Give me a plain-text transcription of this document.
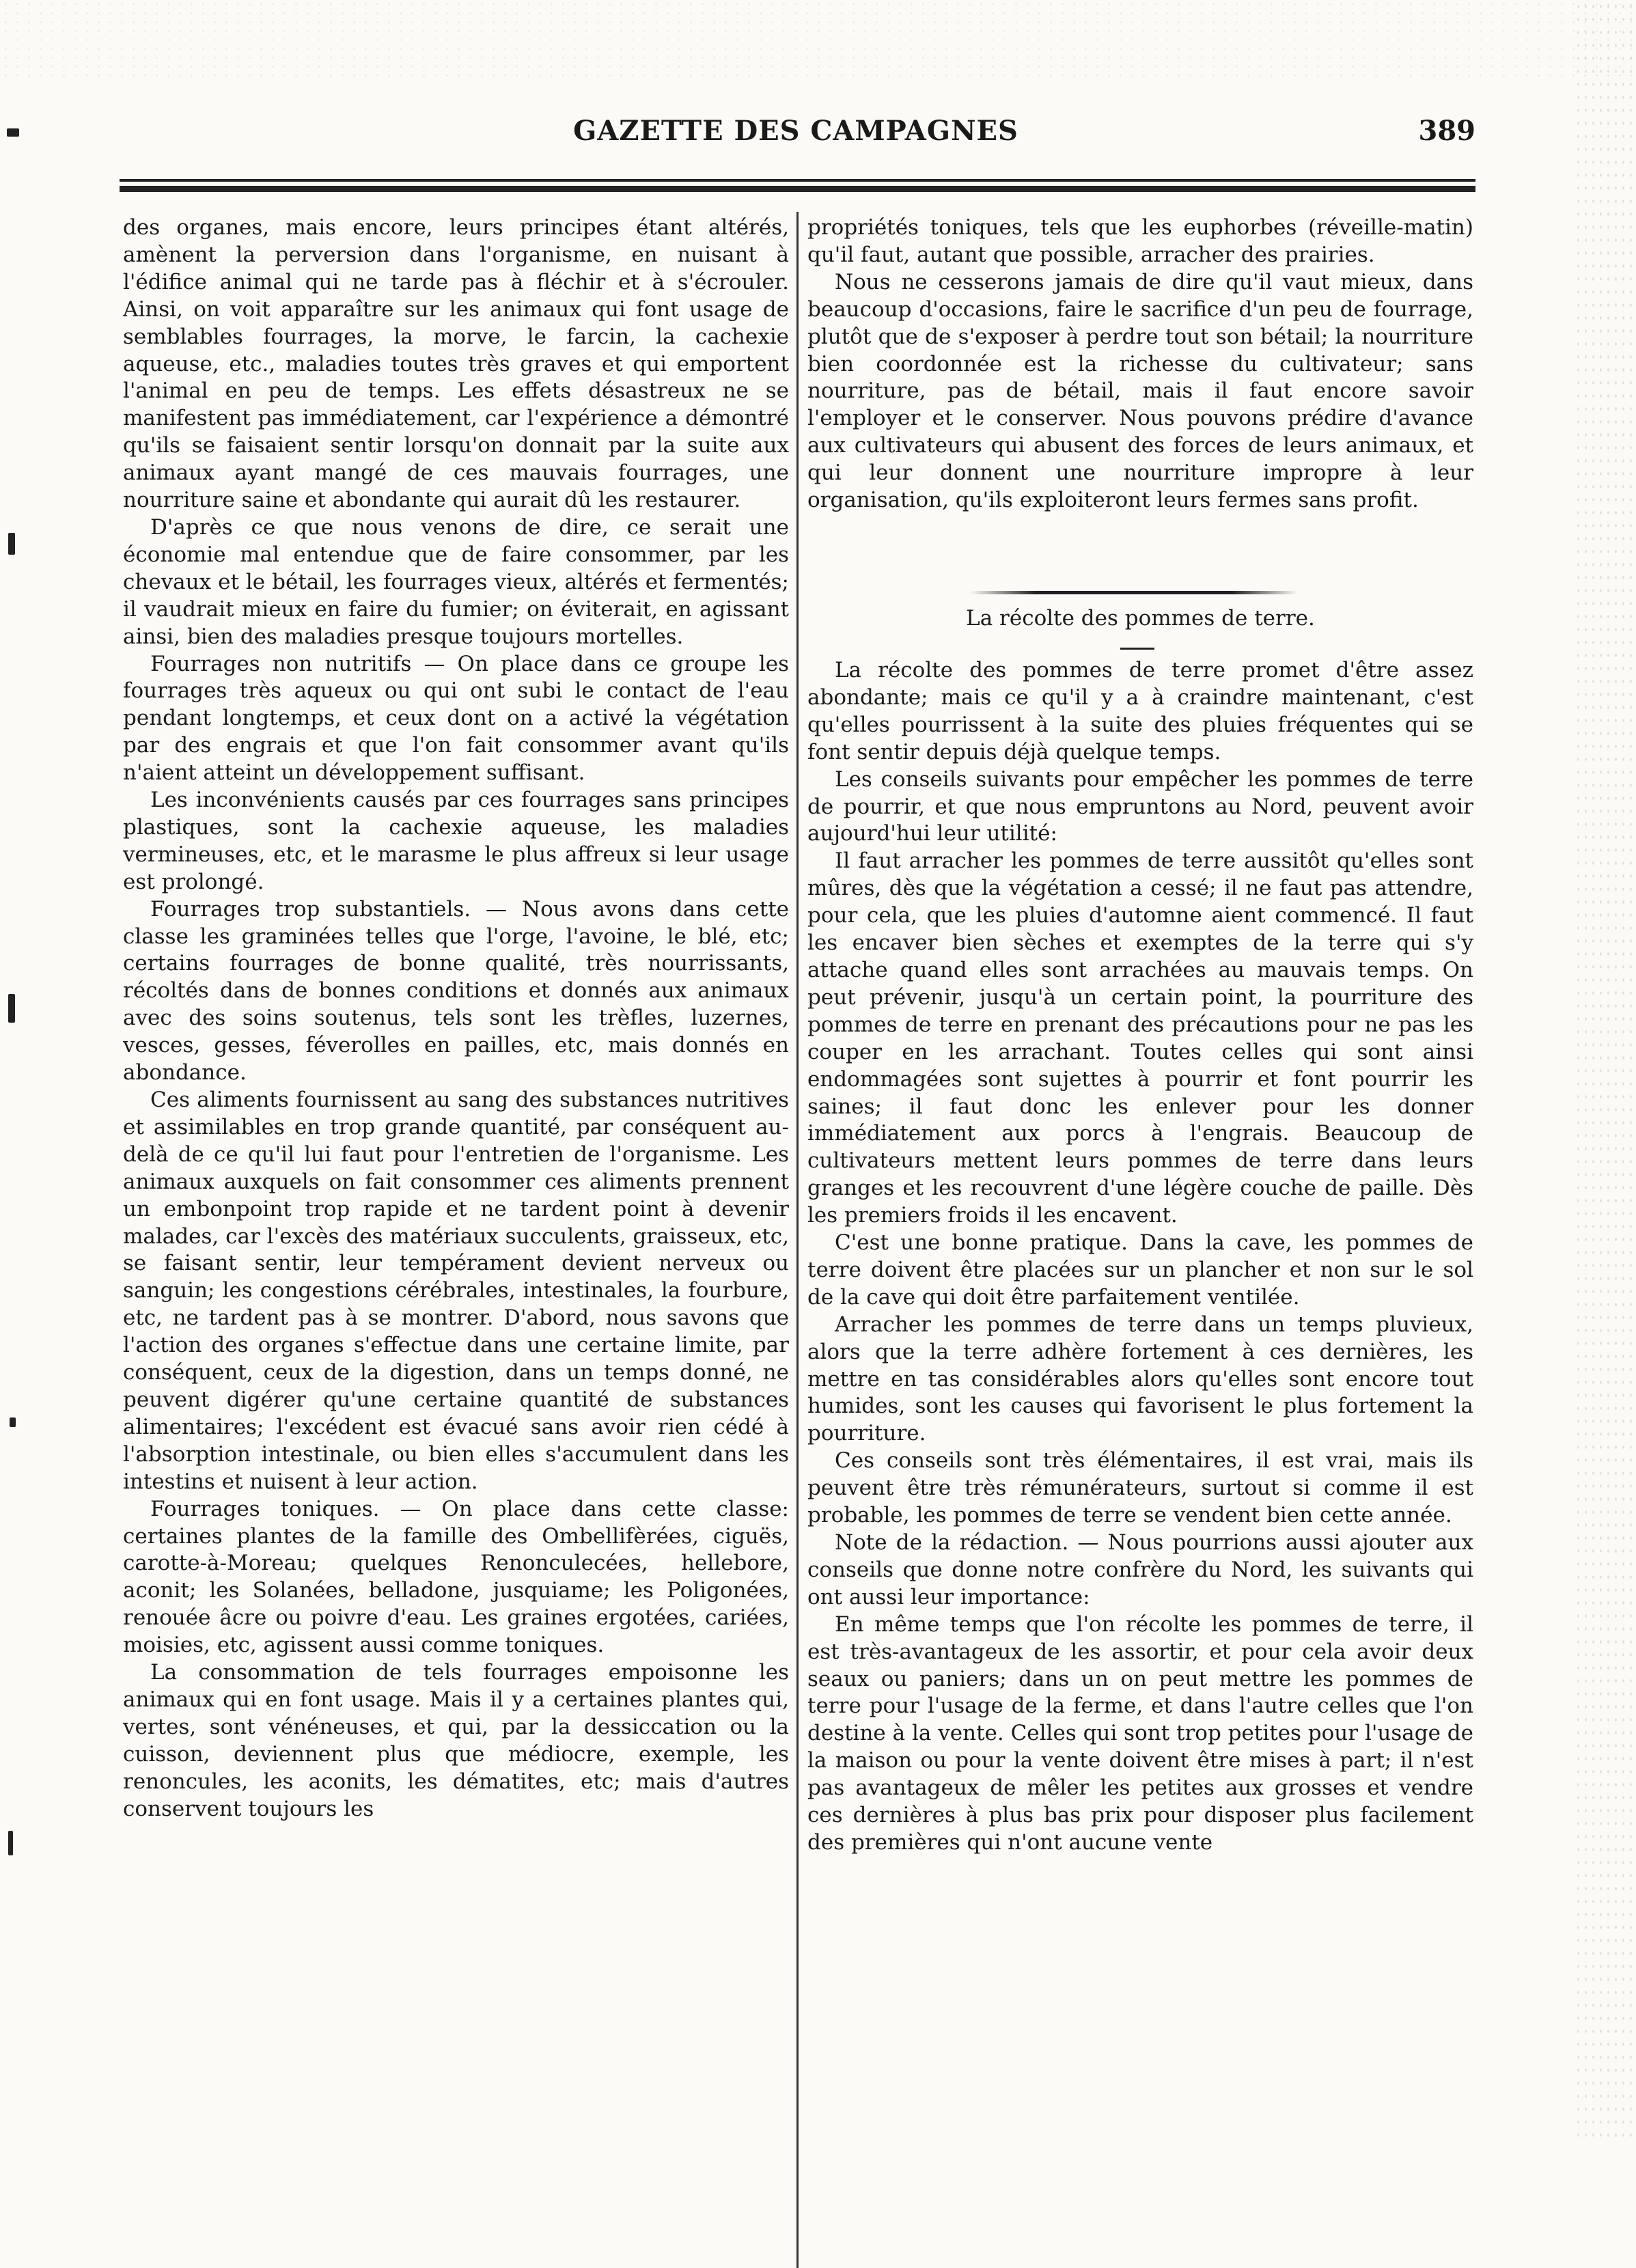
GAZETTE DES CAMPAGNES	389

des organes, mais encore, leurs principes étant altérés, amènent la perversion dans l'organisme, en nuisant à l'édifice animal qui ne tarde pas à fléchir et à s'écrouler. Ainsi, on voit apparaître sur les animaux qui font usage de semblables fourrages, la morve, le farcin, la cachexie aqueuse, etc., maladies toutes très graves et qui emportent l'animal en peu de temps. Les effets désastreux ne se manifestent pas immédiatement, car l'expérience a démontré qu'ils se faisaient sentir lorsqu'on donnait par la suite aux animaux ayant mangé de ces mauvais fourrages, une nourriture saine et abondante qui aurait dû les restaurer.

D'après ce que nous venons de dire, ce serait une économie mal entendue que de faire consommer, par les chevaux et le bétail, les fourrages vieux, altérés et fermentés; il vaudrait mieux en faire du fumier; on éviterait, en agissant ainsi, bien des maladies presque toujours mortelles.

Fourrages non nutritifs — On place dans ce groupe les fourrages très aqueux ou qui ont subi le contact de l'eau pendant longtemps, et ceux dont on a activé la végétation par des engrais et que l'on fait consommer avant qu'ils n'aient atteint un développement suffisant.

Les inconvénients causés par ces fourrages sans principes plastiques, sont la cachexie aqueuse, les maladies vermineuses, etc, et le marasme le plus affreux si leur usage est prolongé.

Fourrages trop substantiels. — Nous avons dans cette classe les graminées telles que l'orge, l'avoine, le blé, etc; certains fourrages de bonne qualité, très nourrissants, récoltés dans de bonnes conditions et donnés aux animaux avec des soins soutenus, tels sont les trèfles, luzernes, vesces, gesses, féverolles en pailles, etc, mais donnés en abondance.

Ces aliments fournissent au sang des substances nutritives et assimilables en trop grande quantité, par conséquent au-delà de ce qu'il lui faut pour l'entretien de l'organisme. Les animaux auxquels on fait consommer ces aliments prennent un embonpoint trop rapide et ne tardent point à devenir malades, car l'excès des matériaux succulents, graisseux, etc, se faisant sentir, leur tempérament devient nerveux ou sanguin; les congestions cérébrales, intestinales, la fourbure, etc, ne tardent pas à se montrer. D'abord, nous savons que l'action des organes s'effectue dans une certaine limite, par conséquent, ceux de la digestion, dans un temps donné, ne peuvent digérer qu'une certaine quantité de substances alimentaires; l'excédent est évacué sans avoir rien cédé à l'absorption intestinale, ou bien elles s'accumulent dans les intestins et nuisent à leur action.

Fourrages toniques. — On place dans cette classe: certaines plantes de la famille des Ombellifèrées, ciguës, carotte-à-Moreau; quelques Renonculecées, hellebore, aconit; les Solanées, belladone, jusquiame; les Poligonées, renouée âcre ou poivre d'eau. Les graines ergotées, cariées, moisies, etc, agissent aussi comme toniques.

La consommation de tels fourrages empoisonne les animaux qui en font usage. Mais il y a certaines plantes qui, vertes, sont vénéneuses, et qui, par la dessiccation ou la cuisson, deviennent plus que médiocre, exemple, les renoncules, les aconits, les dématites, etc; mais d'autres conservent toujours les

propriétés toniques, tels que les euphorbes (réveille-matin) qu'il faut, autant que possible, arracher des prairies.

Nous ne cesserons jamais de dire qu'il vaut mieux, dans beaucoup d'occasions, faire le sacrifice d'un peu de fourrage, plutôt que de s'exposer à perdre tout son bétail; la nourriture bien coordonnée est la richesse du cultivateur; sans nourriture, pas de bétail, mais il faut encore savoir l'employer et le conserver. Nous pouvons prédire d'avance aux cultivateurs qui abusent des forces de leurs animaux, et qui leur donnent une nourriture impropre à leur organisation, qu'ils exploiteront leurs fermes sans profit.

La récolte des pommes de terre.

La récolte des pommes de terre promet d'être assez abondante; mais ce qu'il y a à craindre maintenant, c'est qu'elles pourrissent à la suite des pluies fréquentes qui se font sentir depuis déjà quelque temps.

Les conseils suivants pour empêcher les pommes de terre de pourrir, et que nous empruntons au Nord, peuvent avoir aujourd'hui leur utilité:

Il faut arracher les pommes de terre aussitôt qu'elles sont mûres, dès que la végétation a cessé; il ne faut pas attendre, pour cela, que les pluies d'automne aient commencé. Il faut les encaver bien sèches et exemptes de la terre qui s'y attache quand elles sont arrachées au mauvais temps. On peut prévenir, jusqu'à un certain point, la pourriture des pommes de terre en prenant des précautions pour ne pas les couper en les arrachant. Toutes celles qui sont ainsi endommagées sont sujettes à pourrir et font pourrir les saines; il faut donc les enlever pour les donner immédiatement aux porcs à l'engrais. Beaucoup de cultivateurs mettent leurs pommes de terre dans leurs granges et les recouvrent d'une légère couche de paille. Dès les premiers froids il les encavent.

C'est une bonne pratique. Dans la cave, les pommes de terre doivent être placées sur un plancher et non sur le sol de la cave qui doit être parfaitement ventilée.

Arracher les pommes de terre dans un temps pluvieux, alors que la terre adhère fortement à ces dernières, les mettre en tas considérables alors qu'elles sont encore tout humides, sont les causes qui favorisent le plus fortement la pourriture.

Ces conseils sont très élémentaires, il est vrai, mais ils peuvent être très rémunérateurs, surtout si comme il est probable, les pommes de terre se vendent bien cette année.

Note de la rédaction. — Nous pourrions aussi ajouter aux conseils que donne notre confrère du Nord, les suivants qui ont aussi leur importance:

En même temps que l'on récolte les pommes de terre, il est très-avantageux de les assortir, et pour cela avoir deux seaux ou paniers; dans un on peut mettre les pommes de terre pour l'usage de la ferme, et dans l'autre celles que l'on destine à la vente. Celles qui sont trop petites pour l'usage de la maison ou pour la vente doivent être mises à part; il n'est pas avantageux de mêler les petites aux grosses et vendre ces dernières à plus bas prix pour disposer plus facilement des premières qui n'ont aucune vente
